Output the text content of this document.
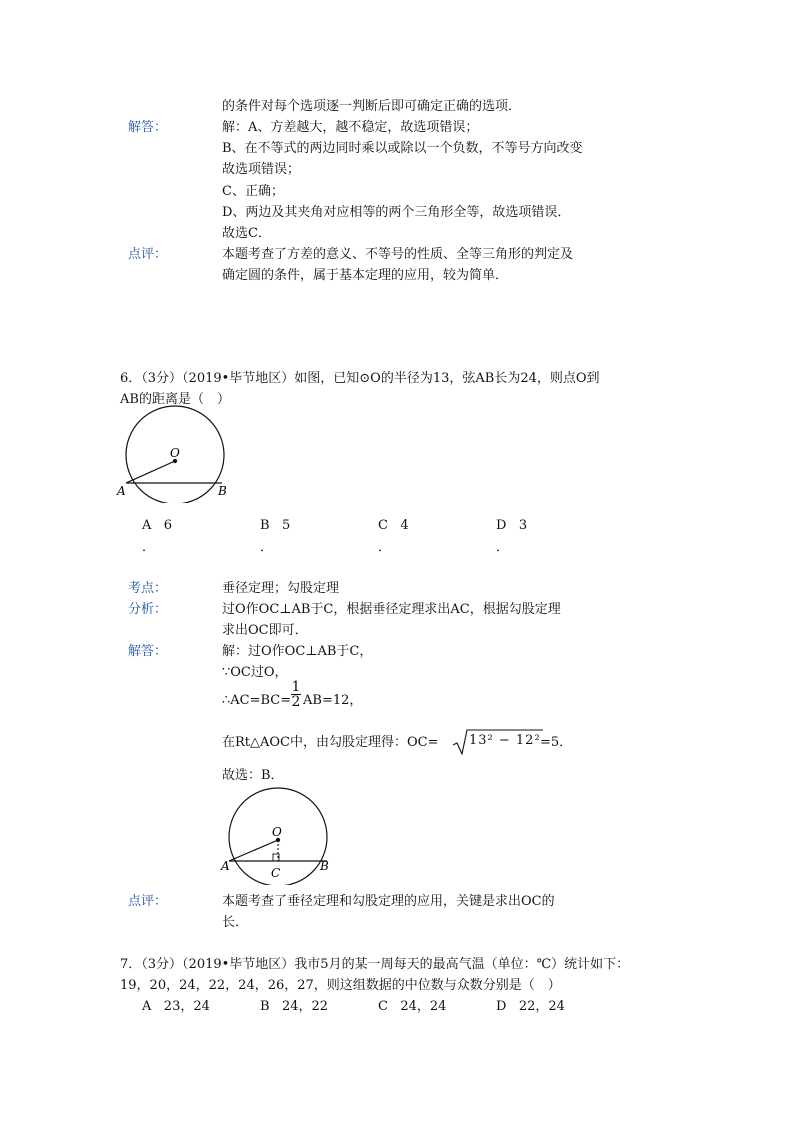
的条件对每个选项逐一判断后即可确定正确的选项．
解答：	解：A、方差越大，越不稳定，故选项错误；
B、在不等式的两边同时乘以或除以一个负数，不等号方向改变
故选项错误；
C、正确；
D、两边及其夹角对应相等的两个三角形全等，故选项错误．
故选C．
点评：	本题考查了方差的意义、不等号的性质、全等三角形的判定及
确定圆的条件，属于基本定理的应用，较为简单．
6．（3分）（2019•毕节地区）如图，已知⊙O的半径为13，弦AB长为24，则点O到
AB的距离是（　）
O
A	B
A 6
．
B 5
．
C 4
．
D 3
．
考点：	垂径定理；勾股定理
分析：	过O作OC⊥AB于C，根据垂径定理求出AC，根据勾股定理
求出OC即可．
解答：	解：过O作OC⊥AB于C，
∵OC过O，
∴AC=BC=
1
2 AB=12，
在Rt△AOC中，由勾股定理得：OC= 13² − 12² =5．
故选：B．
O
A	B
C
点评：	本题考查了垂径定理和勾股定理的应用，关键是求出OC的
长．
7．（3分）（2019•毕节地区）我市5月的某一周每天的最高气温（单位：℃）统计如下：
19，20，24，22，24，26，27，则这组数据的中位数与众数分别是（　）
A 23，24	B 24，22	C 24，24	D 22，24
